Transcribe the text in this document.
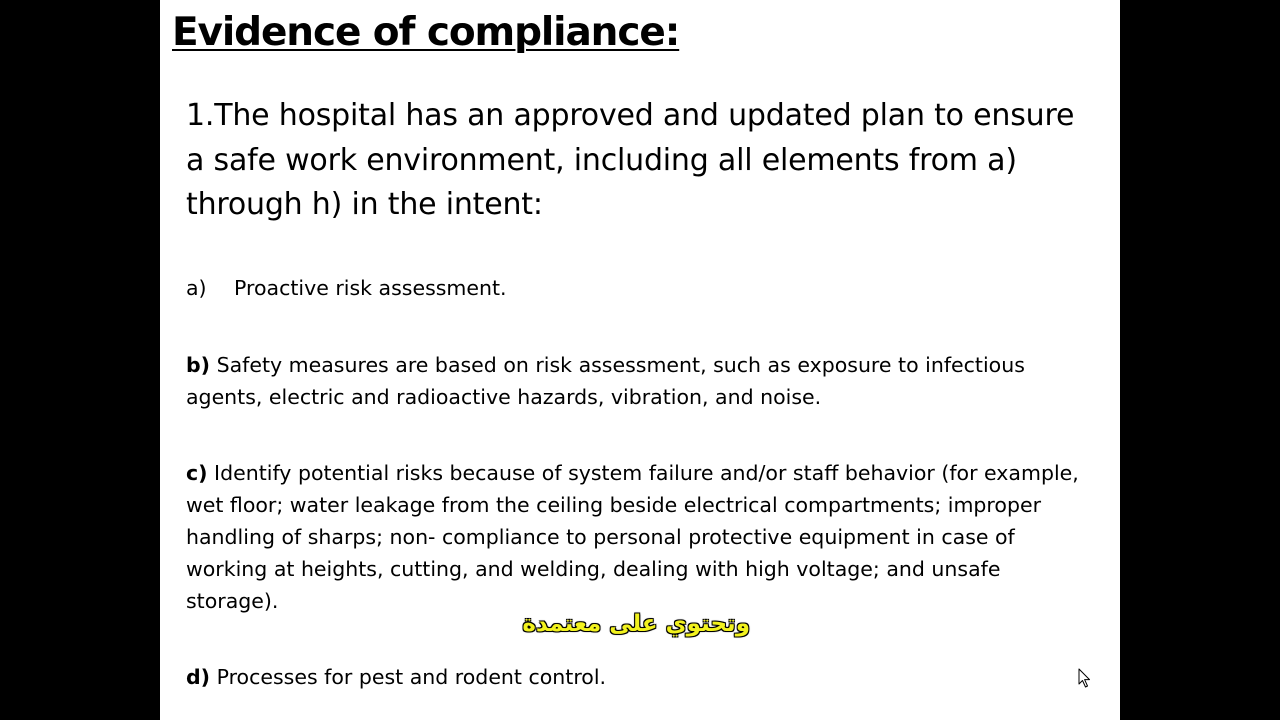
Evidence of compliance:

1.The hospital has an approved and updated plan to ensure a safe work environment, including all elements from a) through h) in the intent:

a) Proactive risk assessment.

b) Safety measures are based on risk assessment, such as exposure to infectious agents, electric and radioactive hazards, vibration, and noise.

c) Identify potential risks because of system failure and/or staff behavior (for example, wet floor; water leakage from the ceiling beside electrical compartments; improper handling of sharps; non- compliance to personal protective equipment in case of working at heights, cutting, and welding, dealing with high voltage; and unsafe storage).

d) Processes for pest and rodent control.

وتحتوي على معتمدة
